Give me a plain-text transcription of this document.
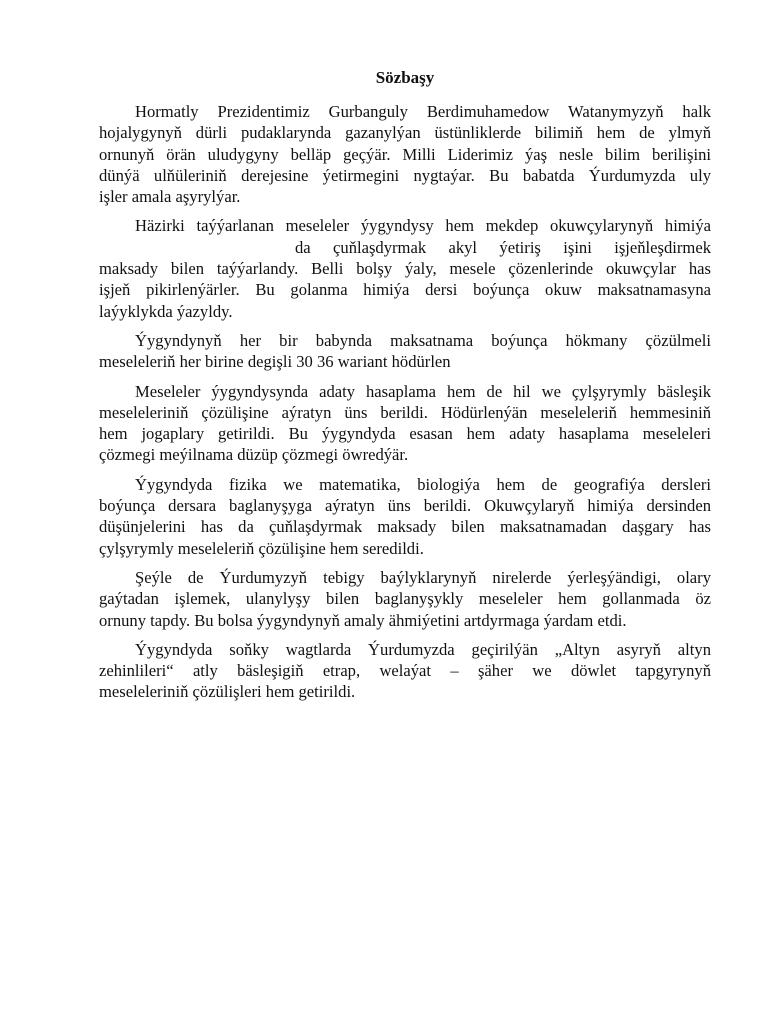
Sözbaşy
Hormatly Prezidentimiz Gurbanguly Berdimuhamedow Watanymyzyň halk
hojalygynyň dürli pudaklarynda gazanylýan üstünliklerde bilimiň hem de ylmyň
ornunyň örän uludygyny belläp geçýär. Milli Liderimiz ýaş nesle bilim berilişini
dünýä ulňüleriniň derejesine ýetirmegini nygtaýar. Bu babatda Ýurdumyzda uly
işler amala aşyrylýar.
Häzirki taýýarlanan meseleler ýygyndysy hem mekdep okuwçylarynyň himiýa
da çuňlaşdyrmak akyl ýetiriş işini işjeňleşdirmek
maksady bilen taýýarlandy. Belli bolşy ýaly, mesele çözenlerinde okuwçylar has
işjeň pikirlenýärler. Bu golanma himiýa dersi boýunça okuw maksatnamasyna
laýyklykda ýazyldy.
Ýygyndynyň her bir babynda maksatnama boýunça hökmany çözülmeli
meseleleriň her birine degişli 30 36 wariant hödürlen
Meseleler ýygyndysynda adaty hasaplama hem de hil we çylşyrymly bäsleşik
meseleleriniň çözülişine aýratyn üns berildi. Hödürlenýän meseleleriň hemmesiniň
hem jogaplary getirildi. Bu ýygyndyda esasan hem adaty hasaplama meseleleri
çözmegi meýilnama düzüp çözmegi öwredýär.
Ýygyndyda fizika we matematika, biologiýa hem de geografiýa dersleri
boýunça dersara baglanyşyga aýratyn üns berildi. Okuwçylaryň himiýa dersinden
düşünjelerini has da çuňlaşdyrmak maksady bilen maksatnamadan daşgary has
çylşyrymly meseleleriň çözülişine hem seredildi.
Şeýle de Ýurdumyzyň tebigy baýlyklarynyň nirelerde ýerleşýändigi, olary
gaýtadan işlemek, ulanylyşy bilen baglanyşykly meseleler hem gollanmada öz
ornuny tapdy. Bu bolsa ýygyndynyň amaly ähmiýetini artdyrmaga ýardam etdi.
Ýygyndyda soňky wagtlarda Ýurdumyzda geçirilýän „Altyn asyryň altyn
zehinlileri“ atly bäsleşigiň etrap, welaýat – şäher we döwlet tapgyrynyň
meseleleriniň çözülişleri hem getirildi.
